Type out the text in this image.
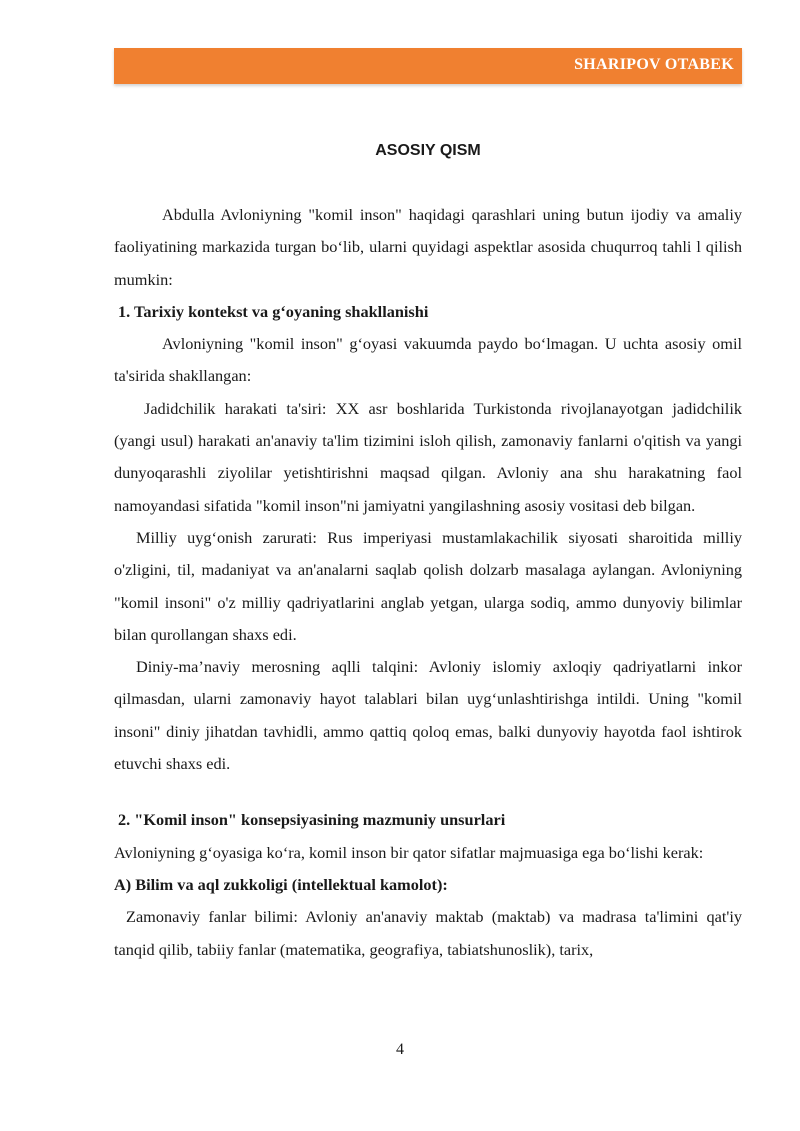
SHARIPOV OTABEK
ASOSIY QISM

Abdulla Avloniyning "komil inson" haqidagi qarashlari uning butun ijodiy va amaliy faoliyatining markazida turgan bo‘lib, ularni quyidagi aspektlar asosida chuqurroq tahli l qilish mumkin:

1. Tarixiy kontekst va g‘oyaning shakllanishi

Avloniyning "komil inson" g‘oyasi vakuumda paydo bo‘lmagan. U uchta asosiy omil ta'sirida shakllangan:

Jadidchilik harakati ta'siri: XX asr boshlarida Turkistonda rivojlanayotgan jadidchilik (yangi usul) harakati an'anaviy ta'lim tizimini isloh qilish, zamonaviy fanlarni o'qitish va yangi dunyoqarashli ziyolilar yetishtirishni maqsad qilgan. Avloniy ana shu harakatning faol namoyandasi sifatida "komil inson"ni jamiyatni yangilashning asosiy vositasi deb bilgan.

Milliy uyg‘onish zarurati: Rus imperiyasi mustamlakachilik siyosati sharoitida milliy o'zligini, til, madaniyat va an'analarni saqlab qolish dolzarb masalaga aylangan. Avloniyning "komil insoni" o'z milliy qadriyatlarini anglab yetgan, ularga sodiq, ammo dunyoviy bilimlar bilan qurollangan shaxs edi.

Diniy-ma’naviy merosning aqlli talqini: Avloniy islomiy axloqiy qadriyatlarni inkor qilmasdan, ularni zamonaviy hayot talablari bilan uyg‘unlashtirishga intildi. Uning "komil insoni" diniy jihatdan tavhidli, ammo qattiq qoloq emas, balki dunyoviy hayotda faol ishtirok etuvchi shaxs edi.

2. "Komil inson" konsepsiyasining mazmuniy unsurlari

Avloniyning g‘oyasiga ko‘ra, komil inson bir qator sifatlar majmuasiga ega bo‘lishi kerak:

A) Bilim va aql zukkoligi (intellektual kamolot):

Zamonaviy fanlar bilimi: Avloniy an'anaviy maktab (maktab) va madrasa ta'limini qat'iy tanqid qilib, tabiiy fanlar (matematika, geografiya, tabiatshunoslik), tarix,

4
